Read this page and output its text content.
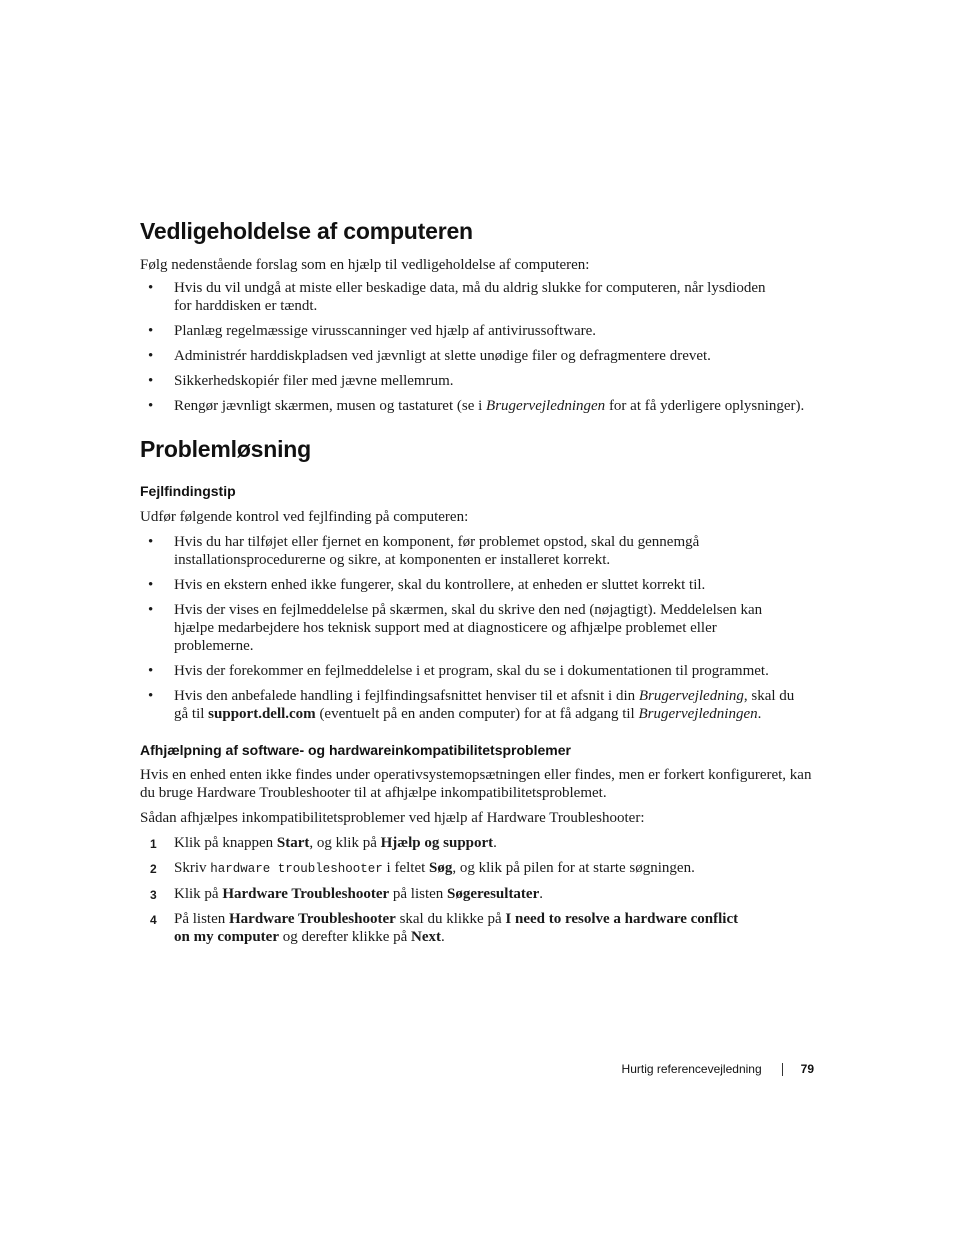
Vedligeholdelse af computeren

Følg nedenstående forslag som en hjælp til vedligeholdelse af computeren:

• Hvis du vil undgå at miste eller beskadige data, må du aldrig slukke for computeren, når lysdioden for harddisken er tændt.
• Planlæg regelmæssige virusscanninger ved hjælp af antivirussoftware.
• Administrér harddiskpladsen ved jævnligt at slette unødige filer og defragmentere drevet.
• Sikkerhedskopiér filer med jævne mellemrum.
• Rengør jævnligt skærmen, musen og tastaturet (se i Brugervejledningen for at få yderligere oplysninger).
Problemløsning
Fejlfindingstip

Udfør følgende kontrol ved fejlfinding på computeren:

• Hvis du har tilføjet eller fjernet en komponent, før problemet opstod, skal du gennemgå installationsprocedurerne og sikre, at komponenten er installeret korrekt.
• Hvis en ekstern enhed ikke fungerer, skal du kontrollere, at enheden er sluttet korrekt til.
• Hvis der vises en fejlmeddelelse på skærmen, skal du skrive den ned (nøjagtigt). Meddelelsen kan hjælpe medarbejdere hos teknisk support med at diagnosticere og afhjælpe problemet eller problemerne.
• Hvis der forekommer en fejlmeddelelse i et program, skal du se i dokumentationen til programmet.
• Hvis den anbefalede handling i fejlfindingsafsnittet henviser til et afsnit i din Brugervejledning, skal du gå til support.dell.com (eventuelt på en anden computer) for at få adgang til Brugervejledningen.
Afhjælpning af software- og hardwareinkompatibilitetsproblemer

Hvis en enhed enten ikke findes under operativsystemopsætningen eller findes, men er forkert konfigureret, kan du bruge Hardware Troubleshooter til at afhjælpe inkompatibilitetsproblemet.

Sådan afhjælpes inkompatibilitetsproblemer ved hjælp af Hardware Troubleshooter:

1 Klik på knappen Start, og klik på Hjælp og support.
2 Skriv hardware troubleshooter i feltet Søg, og klik på pilen for at starte søgningen.
3 Klik på Hardware Troubleshooter på listen Søgeresultater.
4 På listen Hardware Troubleshooter skal du klikke på I need to resolve a hardware conflict on my computer og derefter klikke på Next.
Hurtig referencevejledning	79
